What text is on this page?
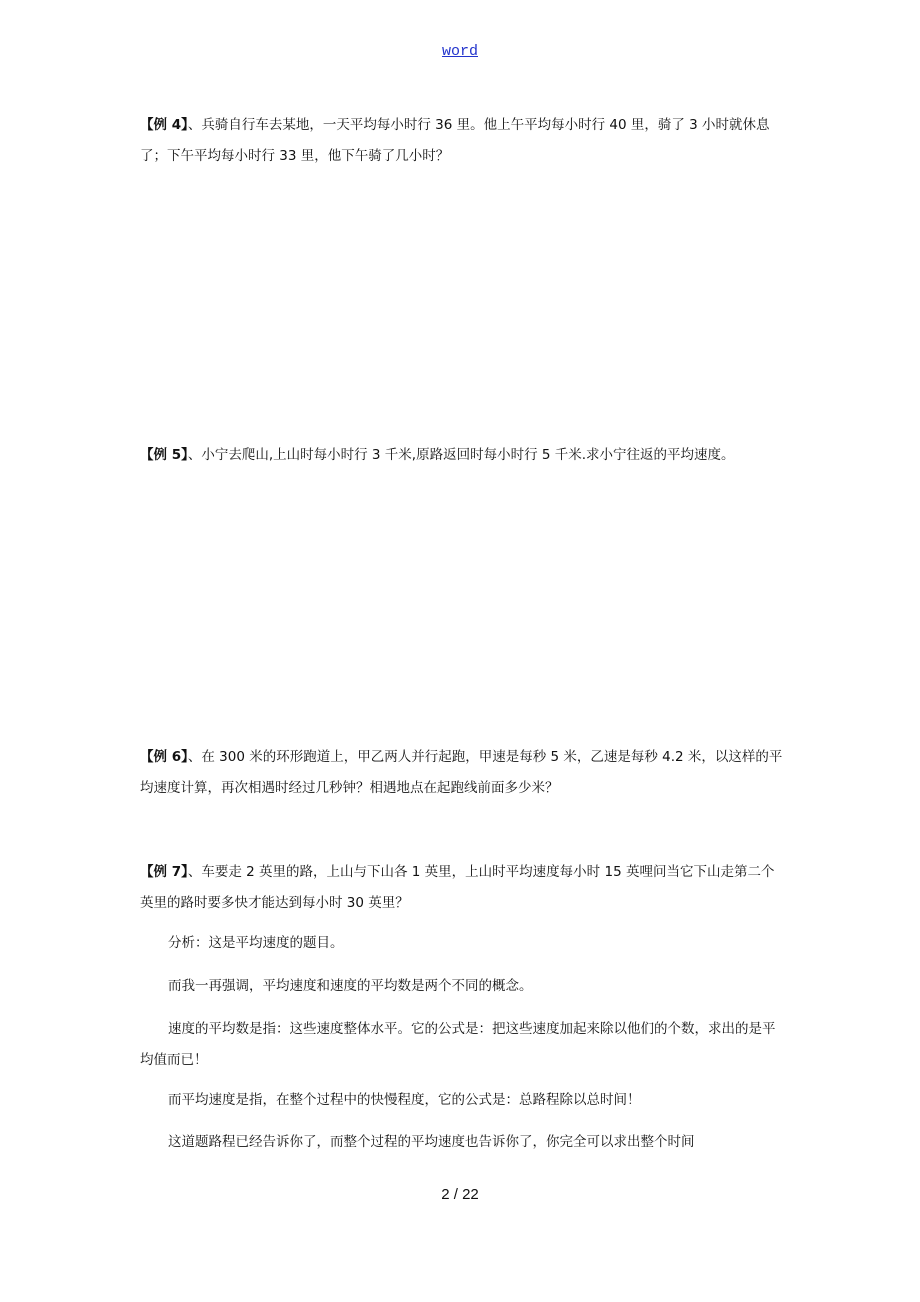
word
【例 4】、兵骑自行车去某地，一天平均每小时行 36 里。他上午平均每小时行 40 里，骑了 3 小时就休息了；下午平均每小时行 33 里，他下午骑了几小时？
【例 5】、小宁去爬山,上山时每小时行 3 千米,原路返回时每小时行 5 千米.求小宁往返的平均速度。
【例 6】、在 300 米的环形跑道上，甲乙两人并行起跑，甲速是每秒 5 米，乙速是每秒 4.2 米，以这样的平均速度计算，再次相遇时经过几秒钟？相遇地点在起跑线前面多少米？
【例 7】、车要走 2 英里的路，上山与下山各 1 英里，上山时平均速度每小时 15 英哩问当它下山走第二个英里的路时要多快才能达到每小时 30 英里？
分析：这是平均速度的题目。
而我一再强调，平均速度和速度的平均数是两个不同的概念。
速度的平均数是指：这些速度整体水平。它的公式是：把这些速度加起来除以他们的个数，求出的是平均值而已！
而平均速度是指，在整个过程中的快慢程度，它的公式是：总路程除以总时间！
这道题路程已经告诉你了，而整个过程的平均速度也告诉你了，你完全可以求出整个时间
2 / 22
